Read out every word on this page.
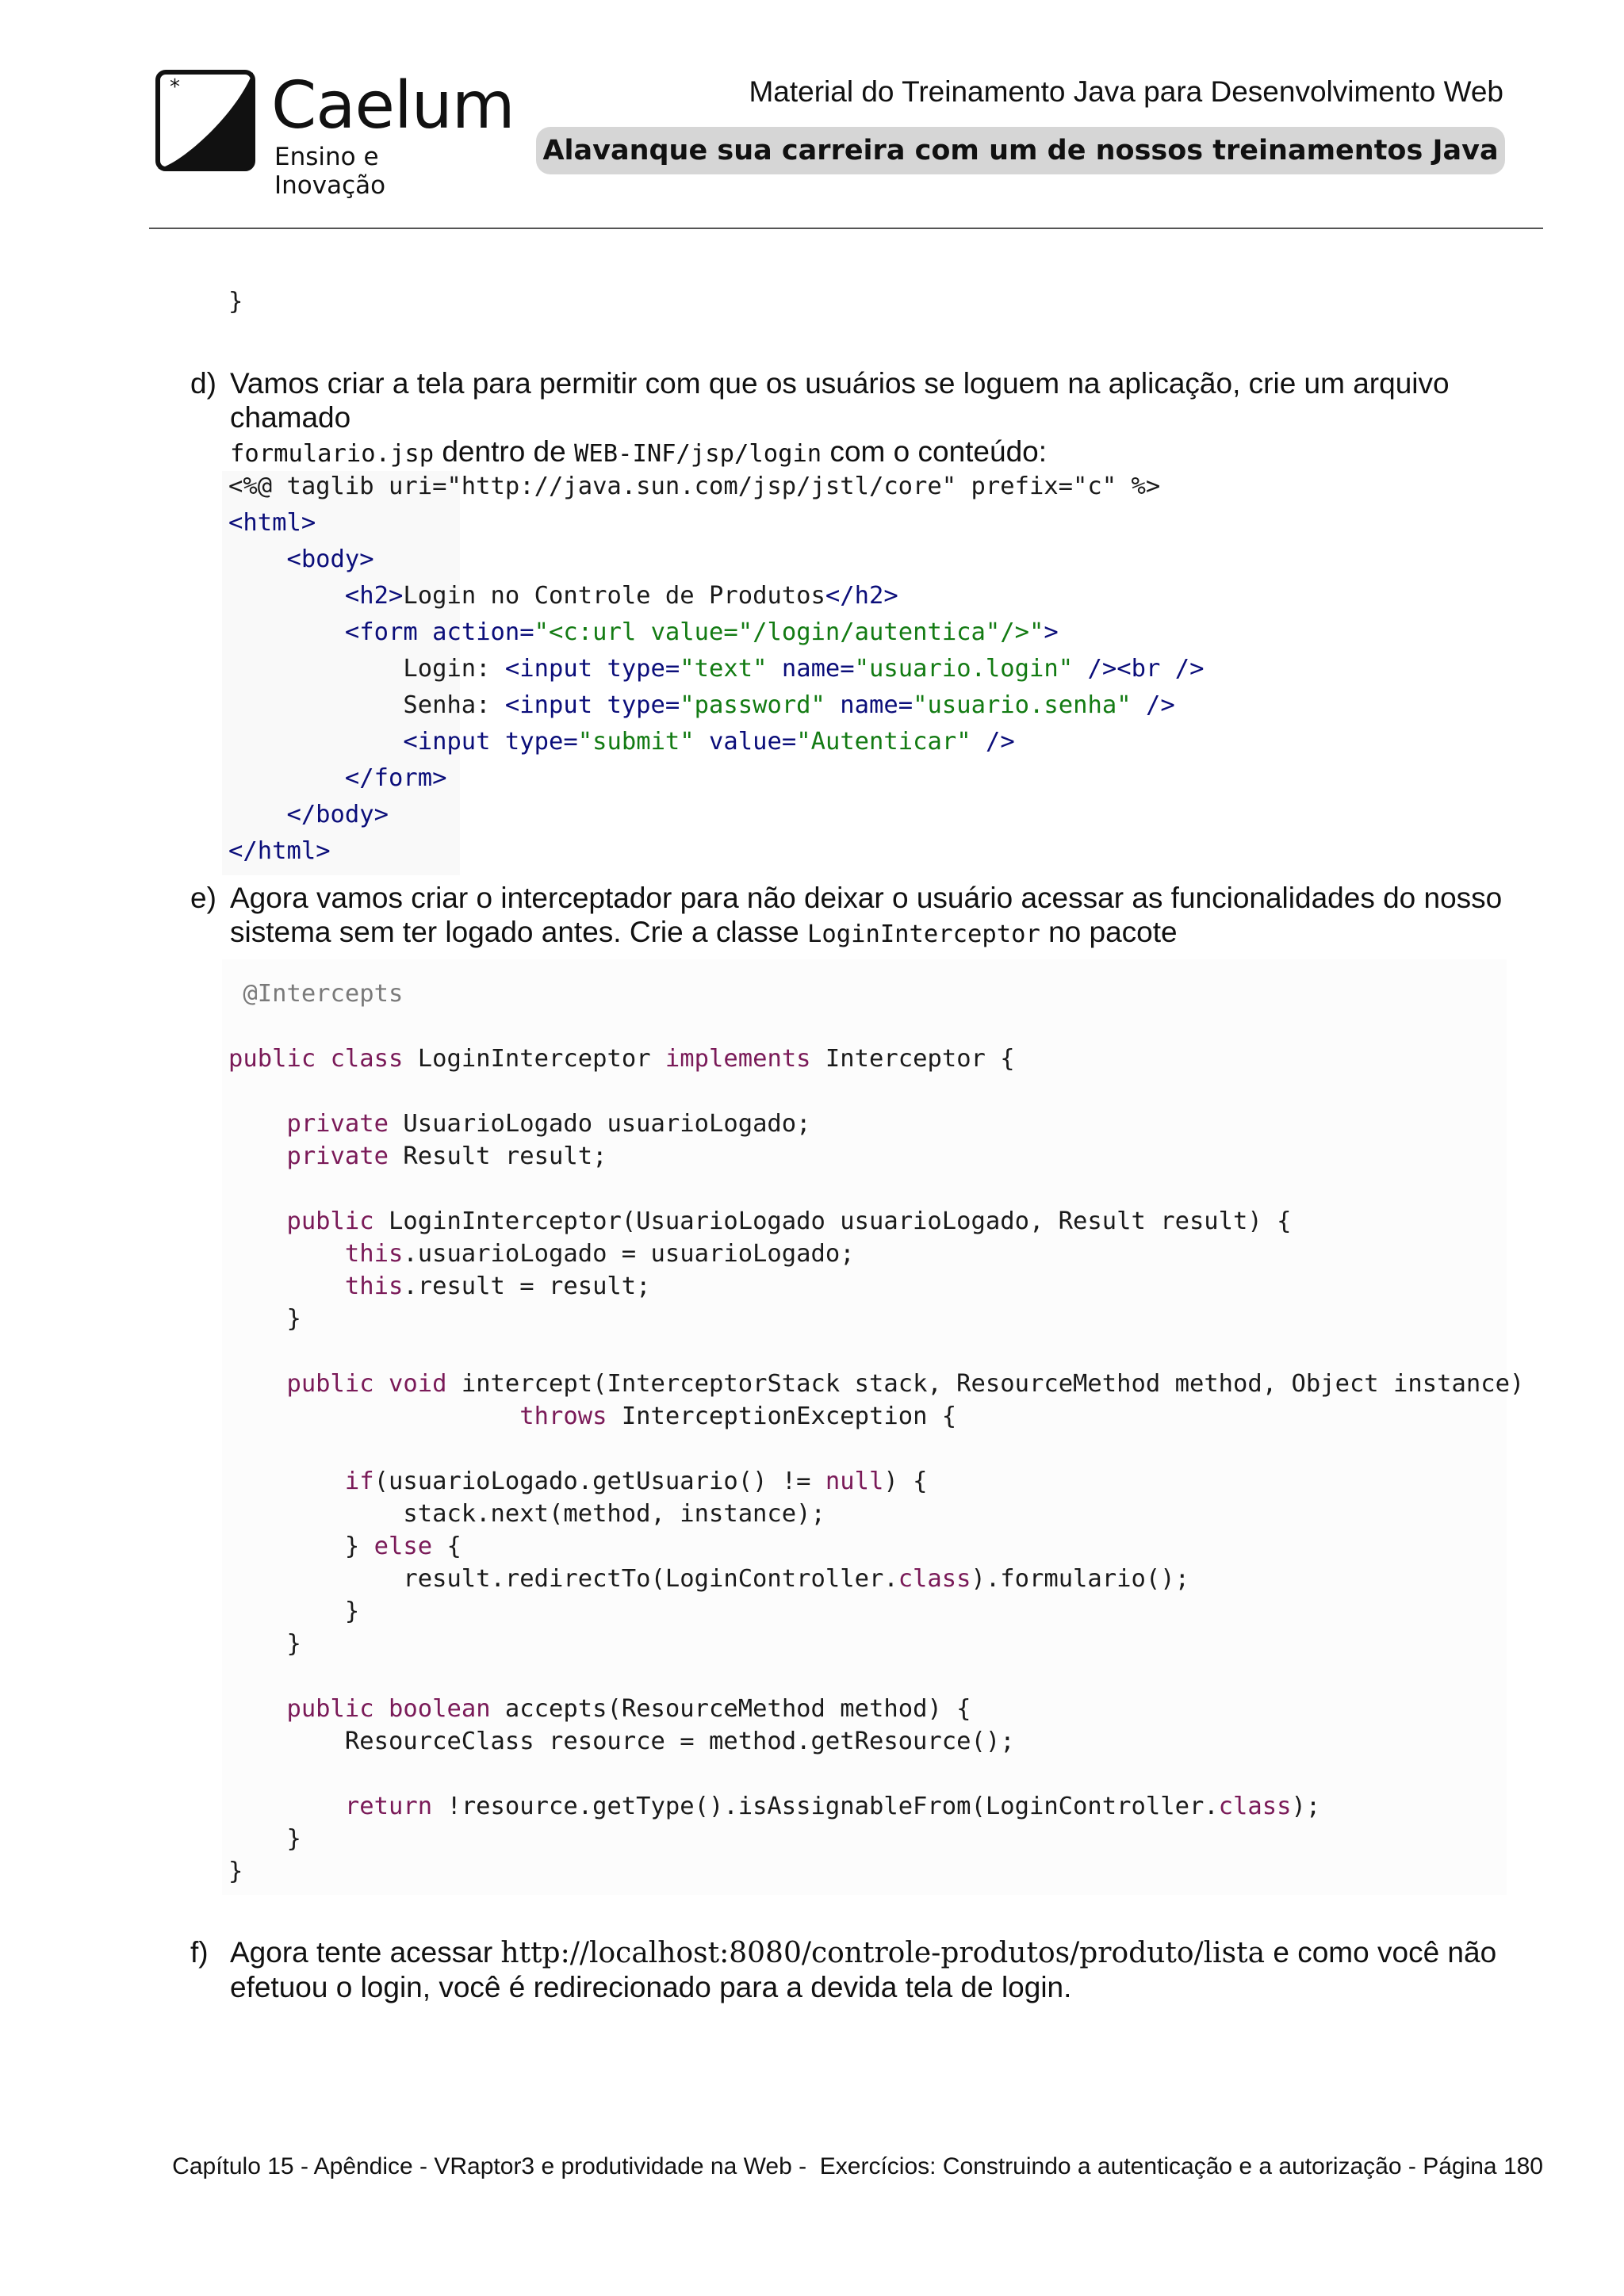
* Caelum
Ensino e Inovação
Material do Treinamento Java para Desenvolvimento Web
Alavanque sua carreira com um de nossos treinamentos Java
}
d) Vamos criar a tela para permitir com que os usuários se loguem na aplicação, crie um arquivo chamado
formulario.jsp dentro de WEB-INF/jsp/login com o conteúdo:
<%@ taglib uri="http://java.sun.com/jsp/jstl/core" prefix="c" %>
<html>
<body>
<h2>Login no Controle de Produtos</h2>
<form action="<c:url value="/login/autentica"/>">
Login: <input type="text" name="usuario.login" /><br />
Senha: <input type="password" name="usuario.senha" />
<input type="submit" value="Autenticar" />
</form>
</body>
</html>
e) Agora vamos criar o interceptador para não deixar o usuário acessar as funcionalidades do nosso sistema sem ter logado antes. Crie a classe LoginInterceptor no pacote
@Intercepts

public class LoginInterceptor implements Interceptor {

private UsuarioLogado usuarioLogado;
private Result result;

public LoginInterceptor(UsuarioLogado usuarioLogado, Result result) {
this.usuarioLogado = usuarioLogado;
this.result = result;
}

public void intercept(InterceptorStack stack, ResourceMethod method, Object instance)
throws InterceptionException {

if(usuarioLogado.getUsuario() != null) {
stack.next(method, instance);
} else {
result.redirectTo(LoginController.class).formulario();
}
}

public boolean accepts(ResourceMethod method) {
ResourceClass resource = method.getResource();

return !resource.getType().isAssignableFrom(LoginController.class);
}
}
f) Agora tente acessar http://localhost:8080/controle-produtos/produto/lista e como você não efetuou o login, você é redirecionado para a devida tela de login.
Capítulo 15 - Apêndice - VRaptor3 e produtividade na Web -  Exercícios: Construindo a autenticação e a autorização - Página 180
